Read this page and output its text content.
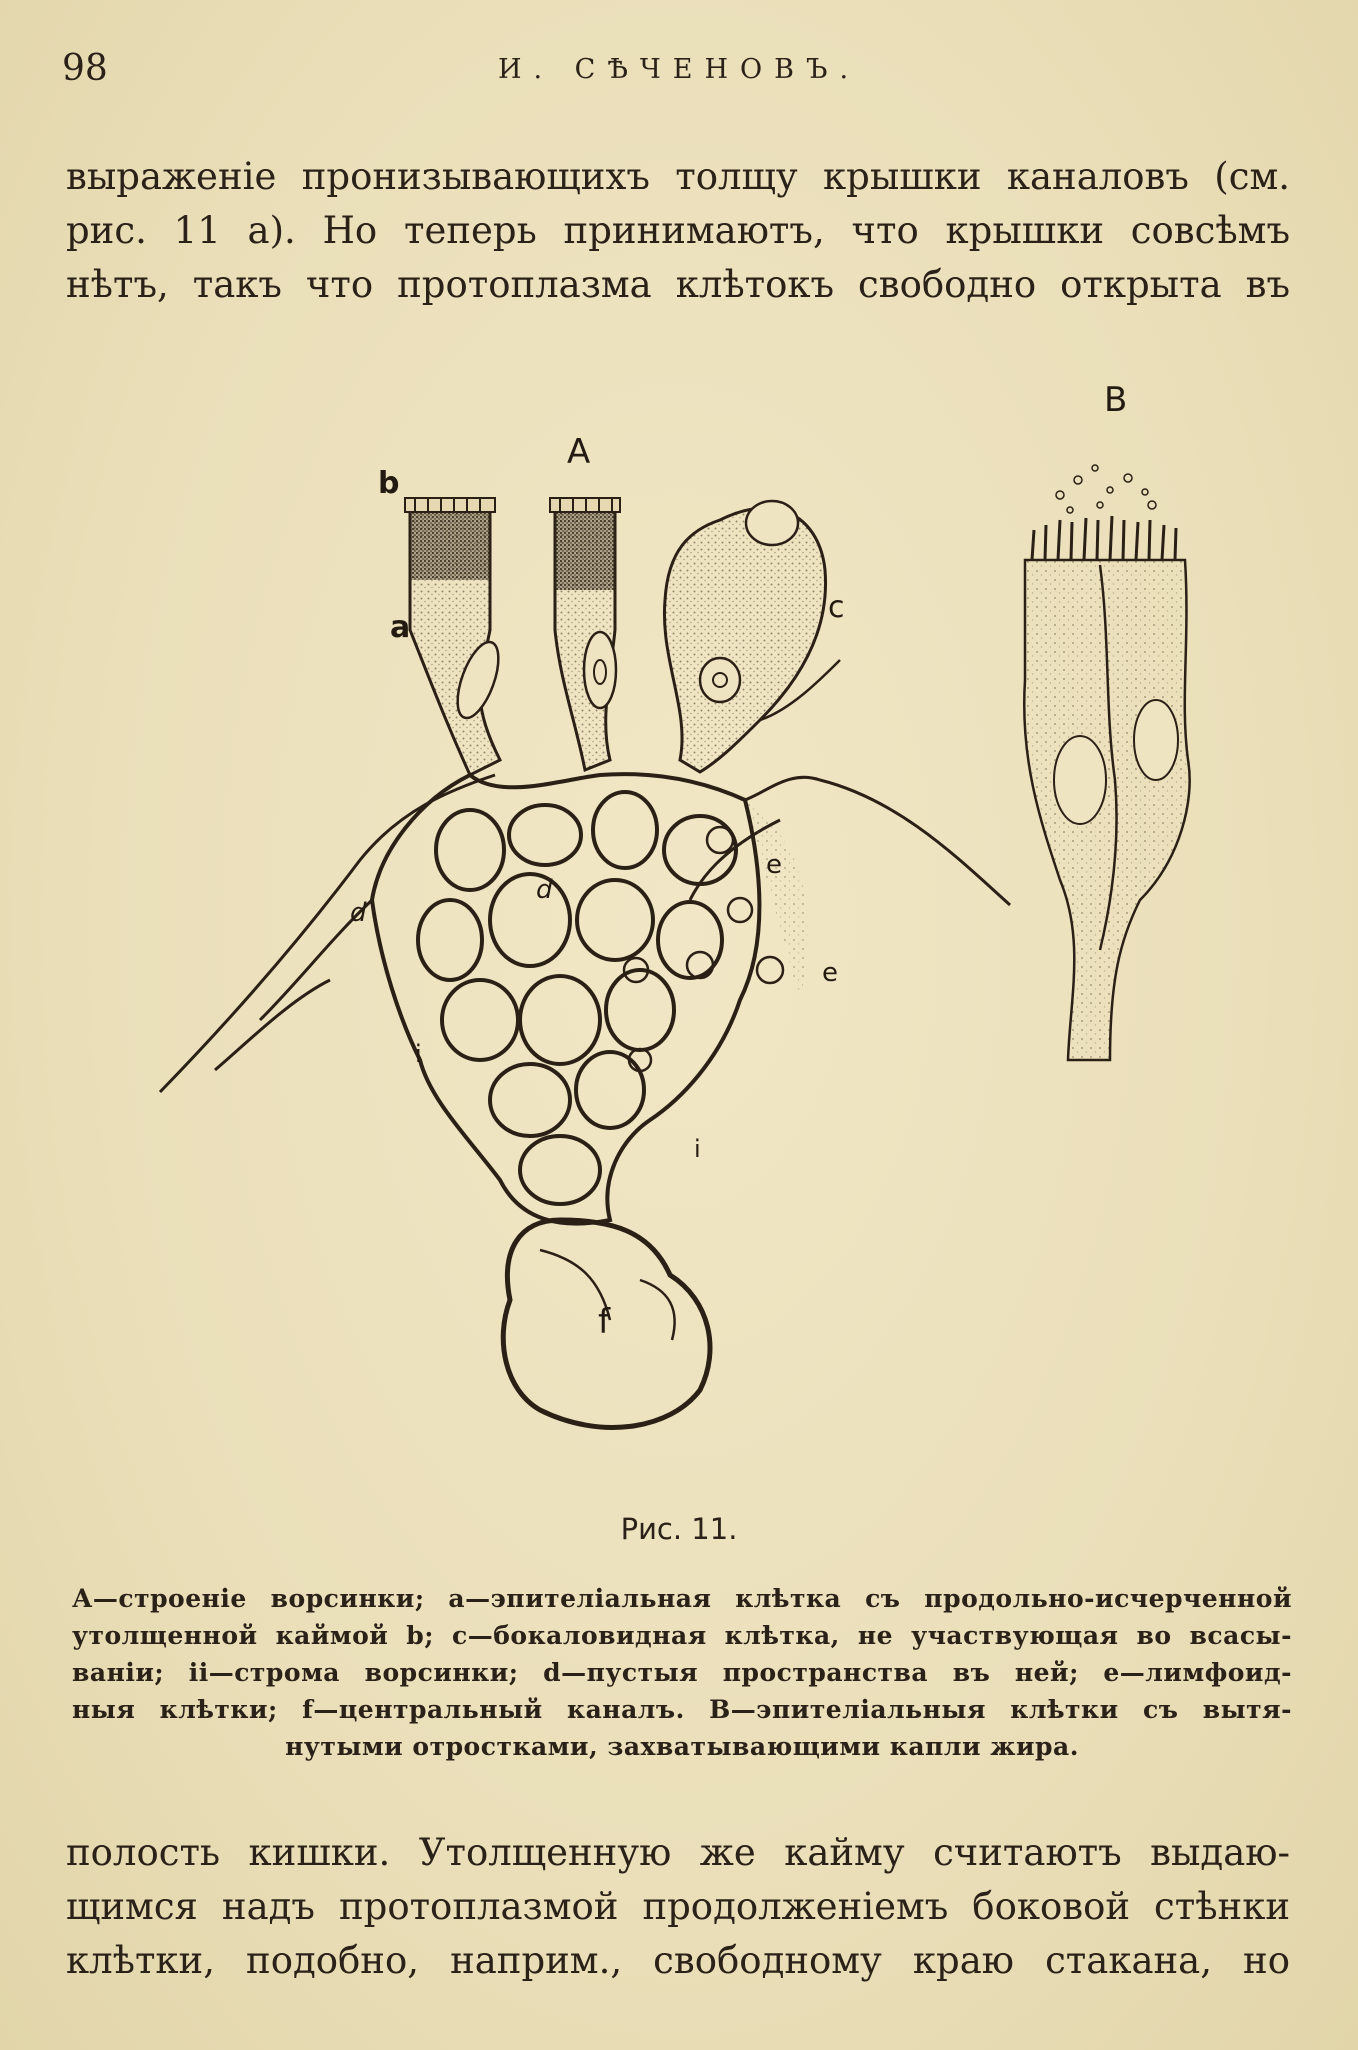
98	И. СѢЧЕНОВЪ.
выраженіе пронизывающихъ толщу крышки каналовъ (см.
рис. 11 а). Но теперь принимаютъ, что крышки совсѣмъ
нѣтъ, такъ что протоплазма клѣтокъ свободно открыта въ
A
B
b
a
c
d
d
e
e
i
i
f
Рис. 11.
А—строеніе ворсинки; а—эпителіальная клѣтка съ продольно-исчерченной
утолщенной каймой b; с—бокаловидная клѣтка, не участвующая во всасы-
ваніи; ii—строма ворсинки; d—пустыя пространства въ ней; е—лимфоид-
ныя клѣтки; f—центральный каналъ. B—эпителіальныя клѣтки съ вытя-
нутыми отростками, захватывающими капли жира.
полость кишки. Утолщенную же кайму считаютъ выдаю-
щимся надъ протоплазмой продолженіемъ боковой стѣнки
клѣтки, подобно, наприм., свободному краю стакана, но
